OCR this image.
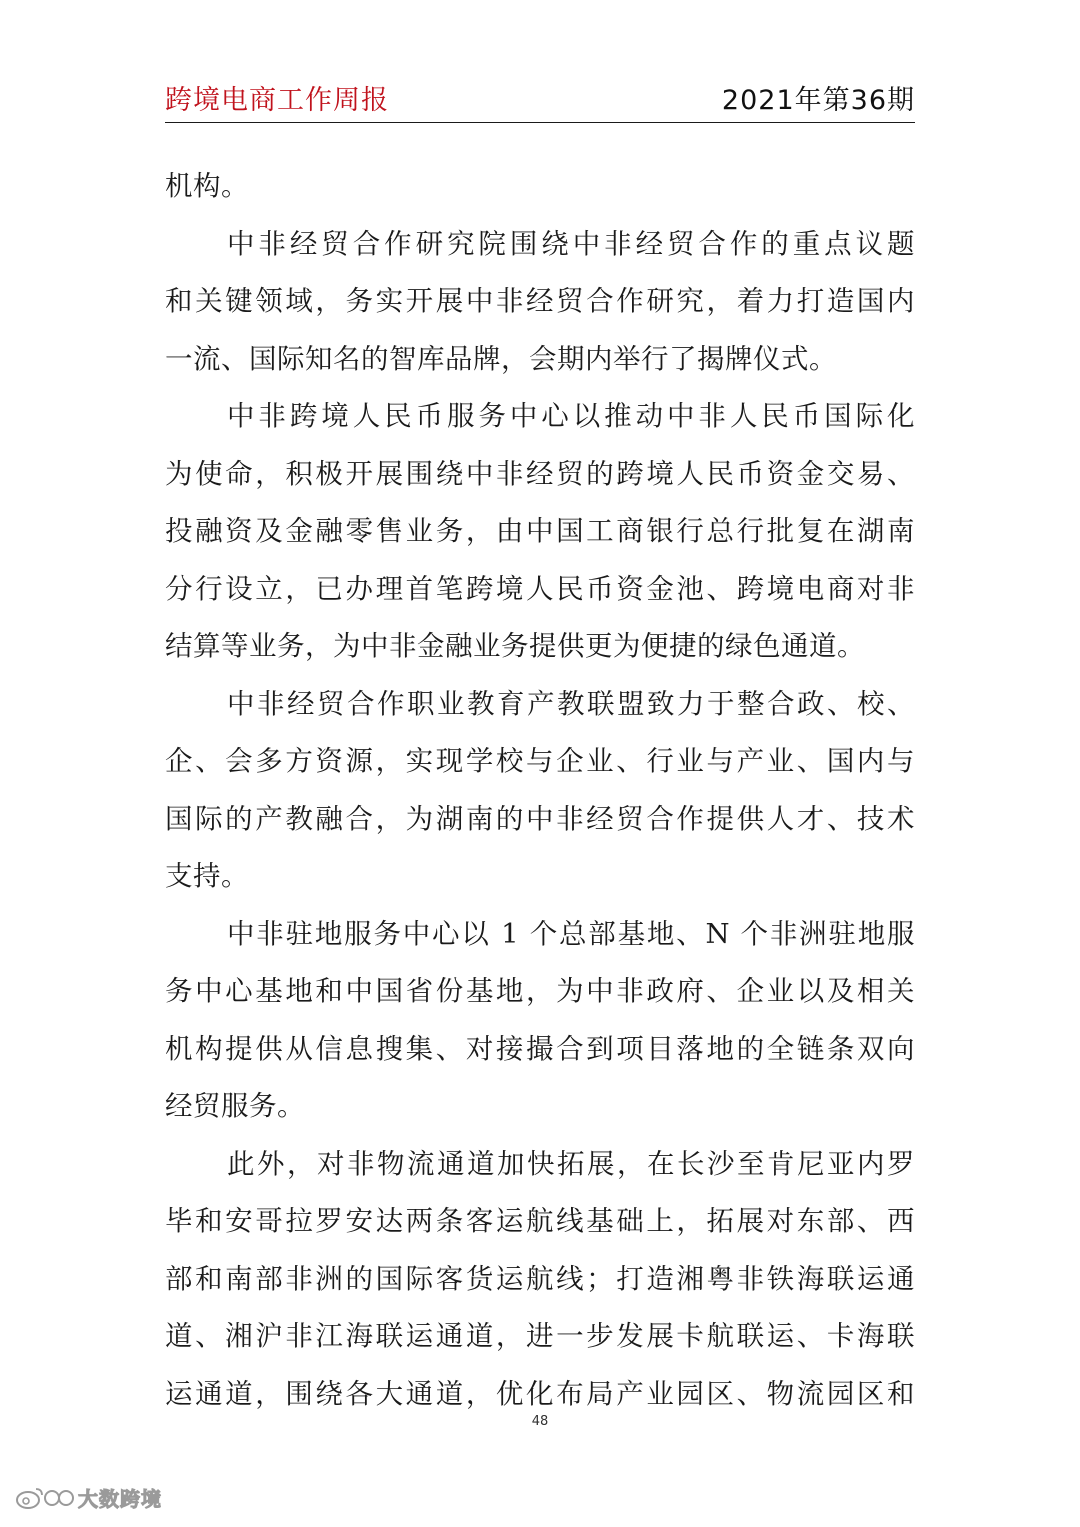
跨境电商工作周报	2021年第36期
机构。
中非经贸合作研究院围绕中非经贸合作的重点议题
和关键领域，务实开展中非经贸合作研究，着力打造国内
一流、国际知名的智库品牌，会期内举行了揭牌仪式。
中非跨境人民币服务中心以推动中非人民币国际化
为使命，积极开展围绕中非经贸的跨境人民币资金交易、
投融资及金融零售业务，由中国工商银行总行批复在湖南
分行设立，已办理首笔跨境人民币资金池、跨境电商对非
结算等业务，为中非金融业务提供更为便捷的绿色通道。
中非经贸合作职业教育产教联盟致力于整合政、校、
企、会多方资源，实现学校与企业、行业与产业、国内与
国际的产教融合，为湖南的中非经贸合作提供人才、技术
支持。
中非驻地服务中心以 1 个总部基地、N 个非洲驻地服
务中心基地和中国省份基地，为中非政府、企业以及相关
机构提供从信息搜集、对接撮合到项目落地的全链条双向
经贸服务。
此外，对非物流通道加快拓展，在长沙至肯尼亚内罗
毕和安哥拉罗安达两条客运航线基础上，拓展对东部、西
部和南部非洲的国际客货运航线；打造湘粤非铁海联运通
道、湘沪非江海联运通道，进一步发展卡航联运、卡海联
运通道，围绕各大通道，优化布局产业园区、物流园区和
48
大数跨境
